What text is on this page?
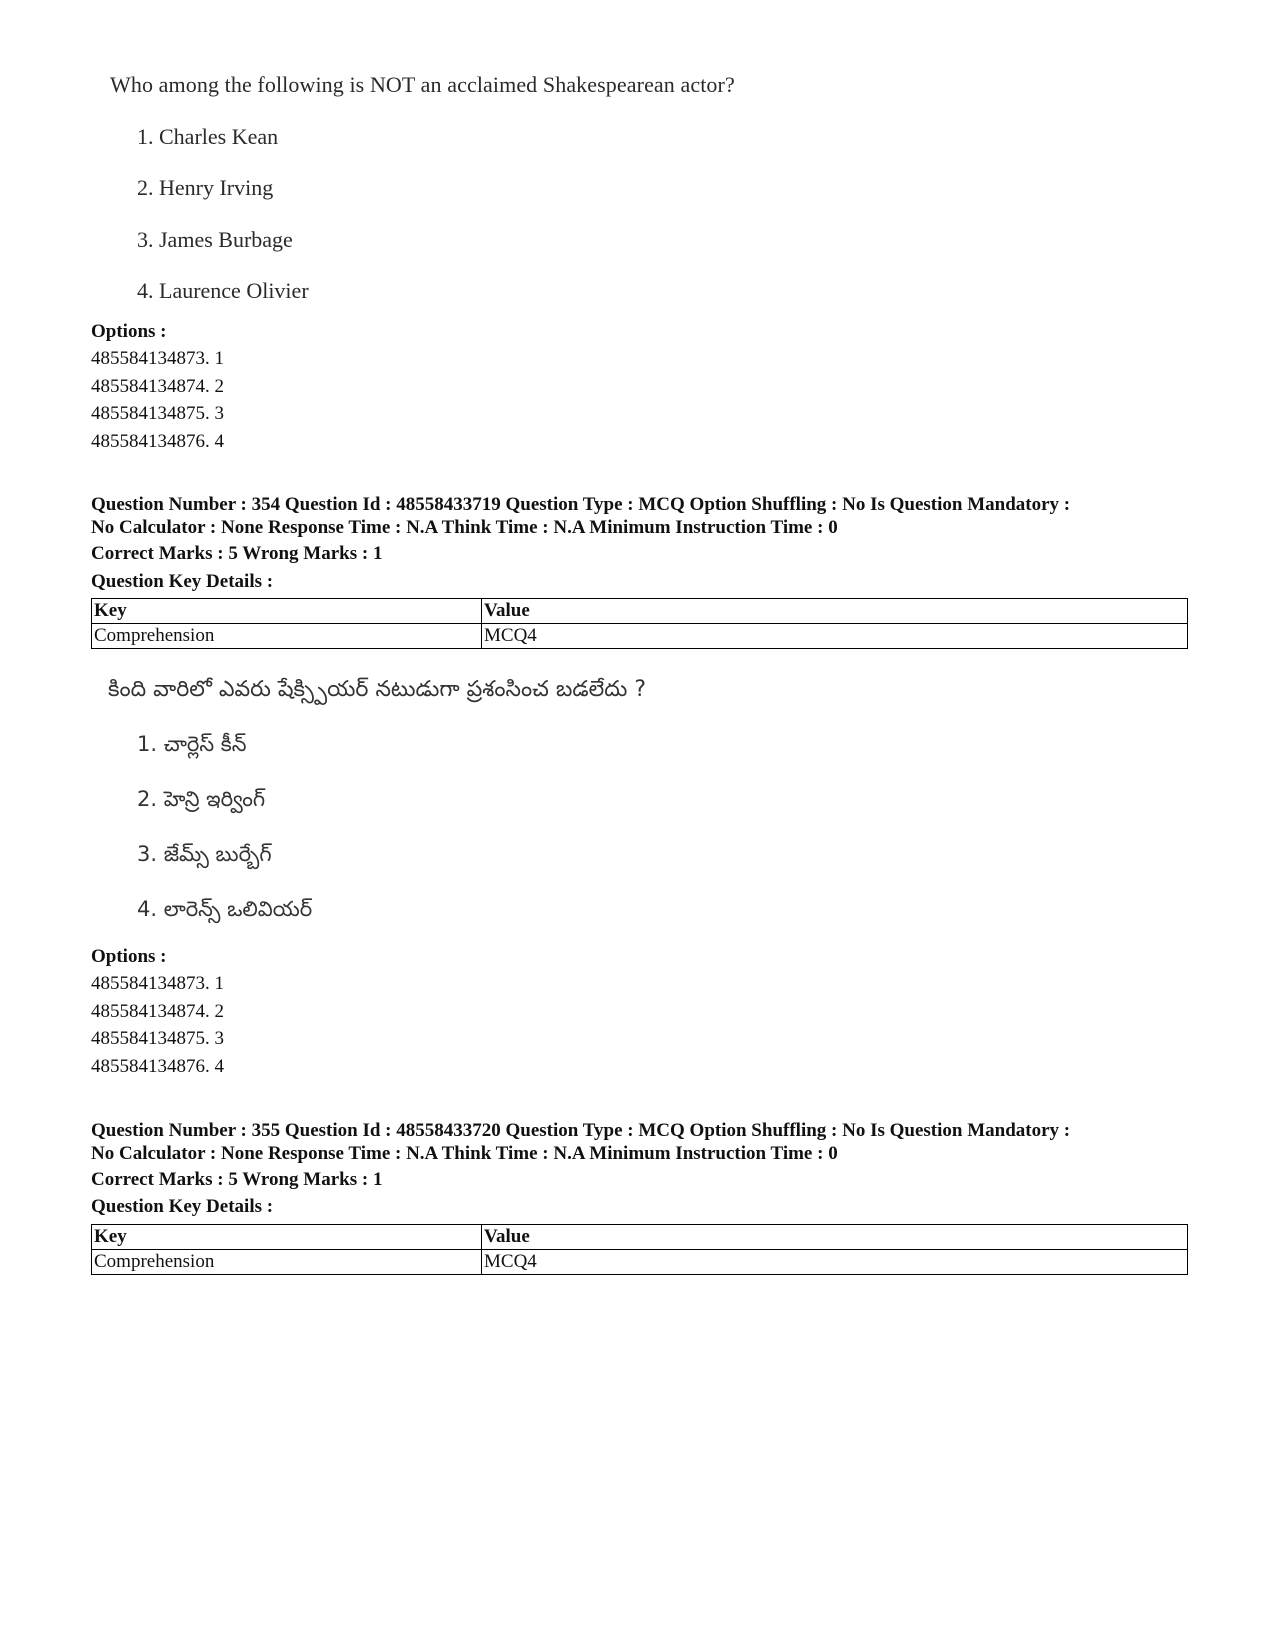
Who among the following is NOT an acclaimed Shakespearean actor?
1. Charles Kean
2. Henry Irving
3. James Burbage
4. Laurence Olivier
Options :
485584134873. 1
485584134874. 2
485584134875. 3
485584134876. 4
Question Number : 354 Question Id : 48558433719 Question Type : MCQ Option Shuffling : No Is Question Mandatory :
No Calculator : None Response Time : N.A Think Time : N.A Minimum Instruction Time : 0
Correct Marks : 5 Wrong Marks : 1
Question Key Details :
Key	Value
Comprehension	MCQ4
కింది వారిలో ఎవరు షేక్స్పియర్ నటుడుగా ప్రశంసించ బడలేదు ?
1. చార్లెస్ కీన్
2. హెన్రి ఇర్వింగ్
3. జేమ్స్ బుర్బేగ్
4. లారెన్స్ ఒలివియర్
Options :
485584134873. 1
485584134874. 2
485584134875. 3
485584134876. 4
Question Number : 355 Question Id : 48558433720 Question Type : MCQ Option Shuffling : No Is Question Mandatory :
No Calculator : None Response Time : N.A Think Time : N.A Minimum Instruction Time : 0
Correct Marks : 5 Wrong Marks : 1
Question Key Details :
Key	Value
Comprehension	MCQ4
